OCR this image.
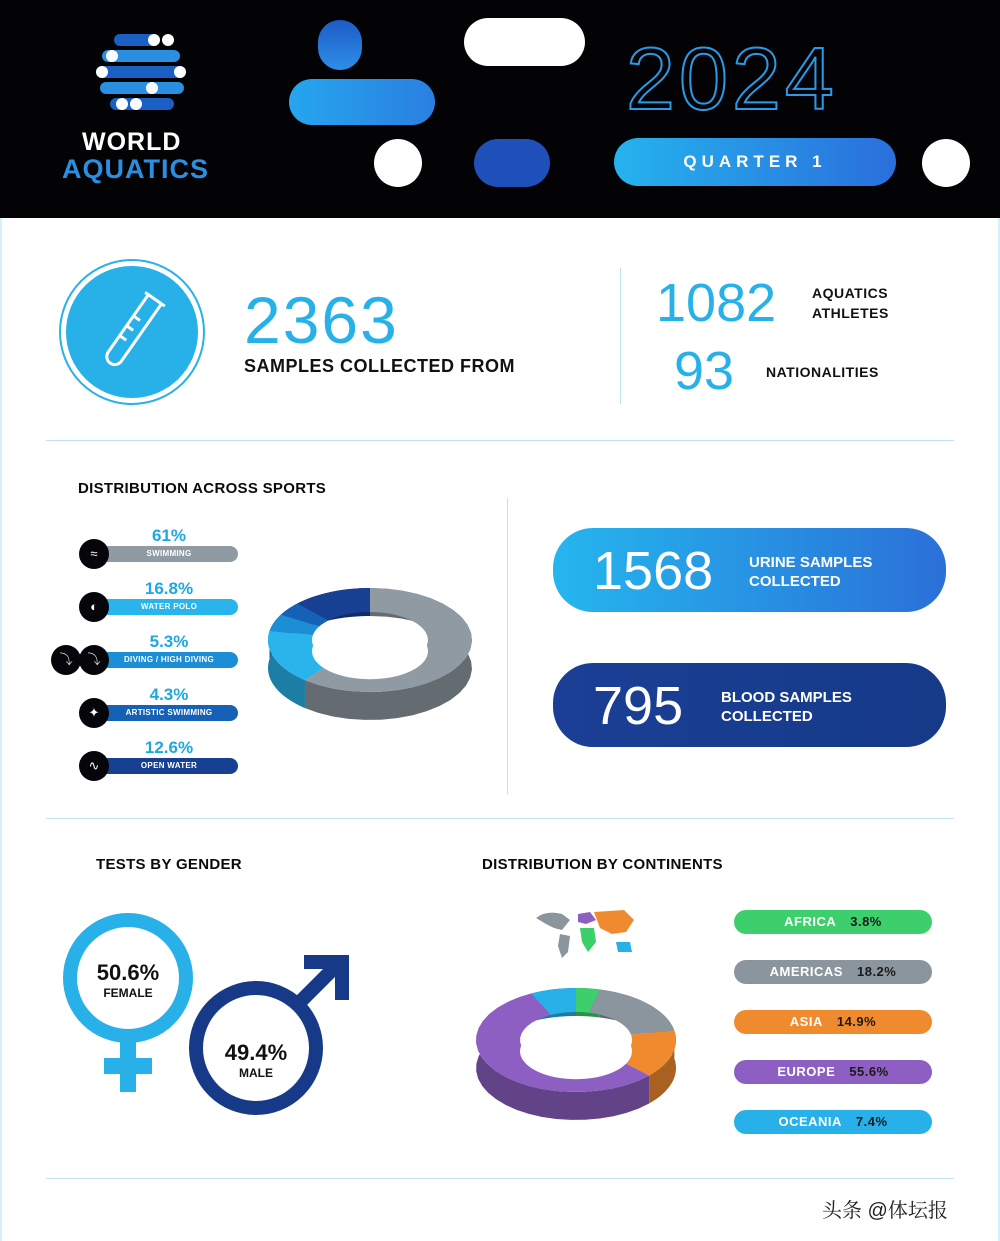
WORLD
AQUATICS
2024
QUARTER 1
2363
SAMPLES COLLECTED FROM
1082	AQUATICS
ATHLETES
93 NATIONALITIES
DISTRIBUTION ACROSS SPORTS
61%
SWIMMING
≈
16.8%
WATER POLO
◐
5.3%
DIVING / HIGH DIVING
⤵
⤵
4.3%
ARTISTIC SWIMMING
✦
12.6%
OPEN WATER
∿
1568 URINE SAMPLES
COLLECTED
795	BLOOD SAMPLES
COLLECTED
TESTS BY GENDER
50.6%
FEMALE
49.4%
MALE
DISTRIBUTION BY CONTINENTS
AFRICA 3.8%
AMERICAS 18.2%
ASIA 14.9%
EUROPE 55.6%
OCEANIA 7.4%
头条 @体坛报
